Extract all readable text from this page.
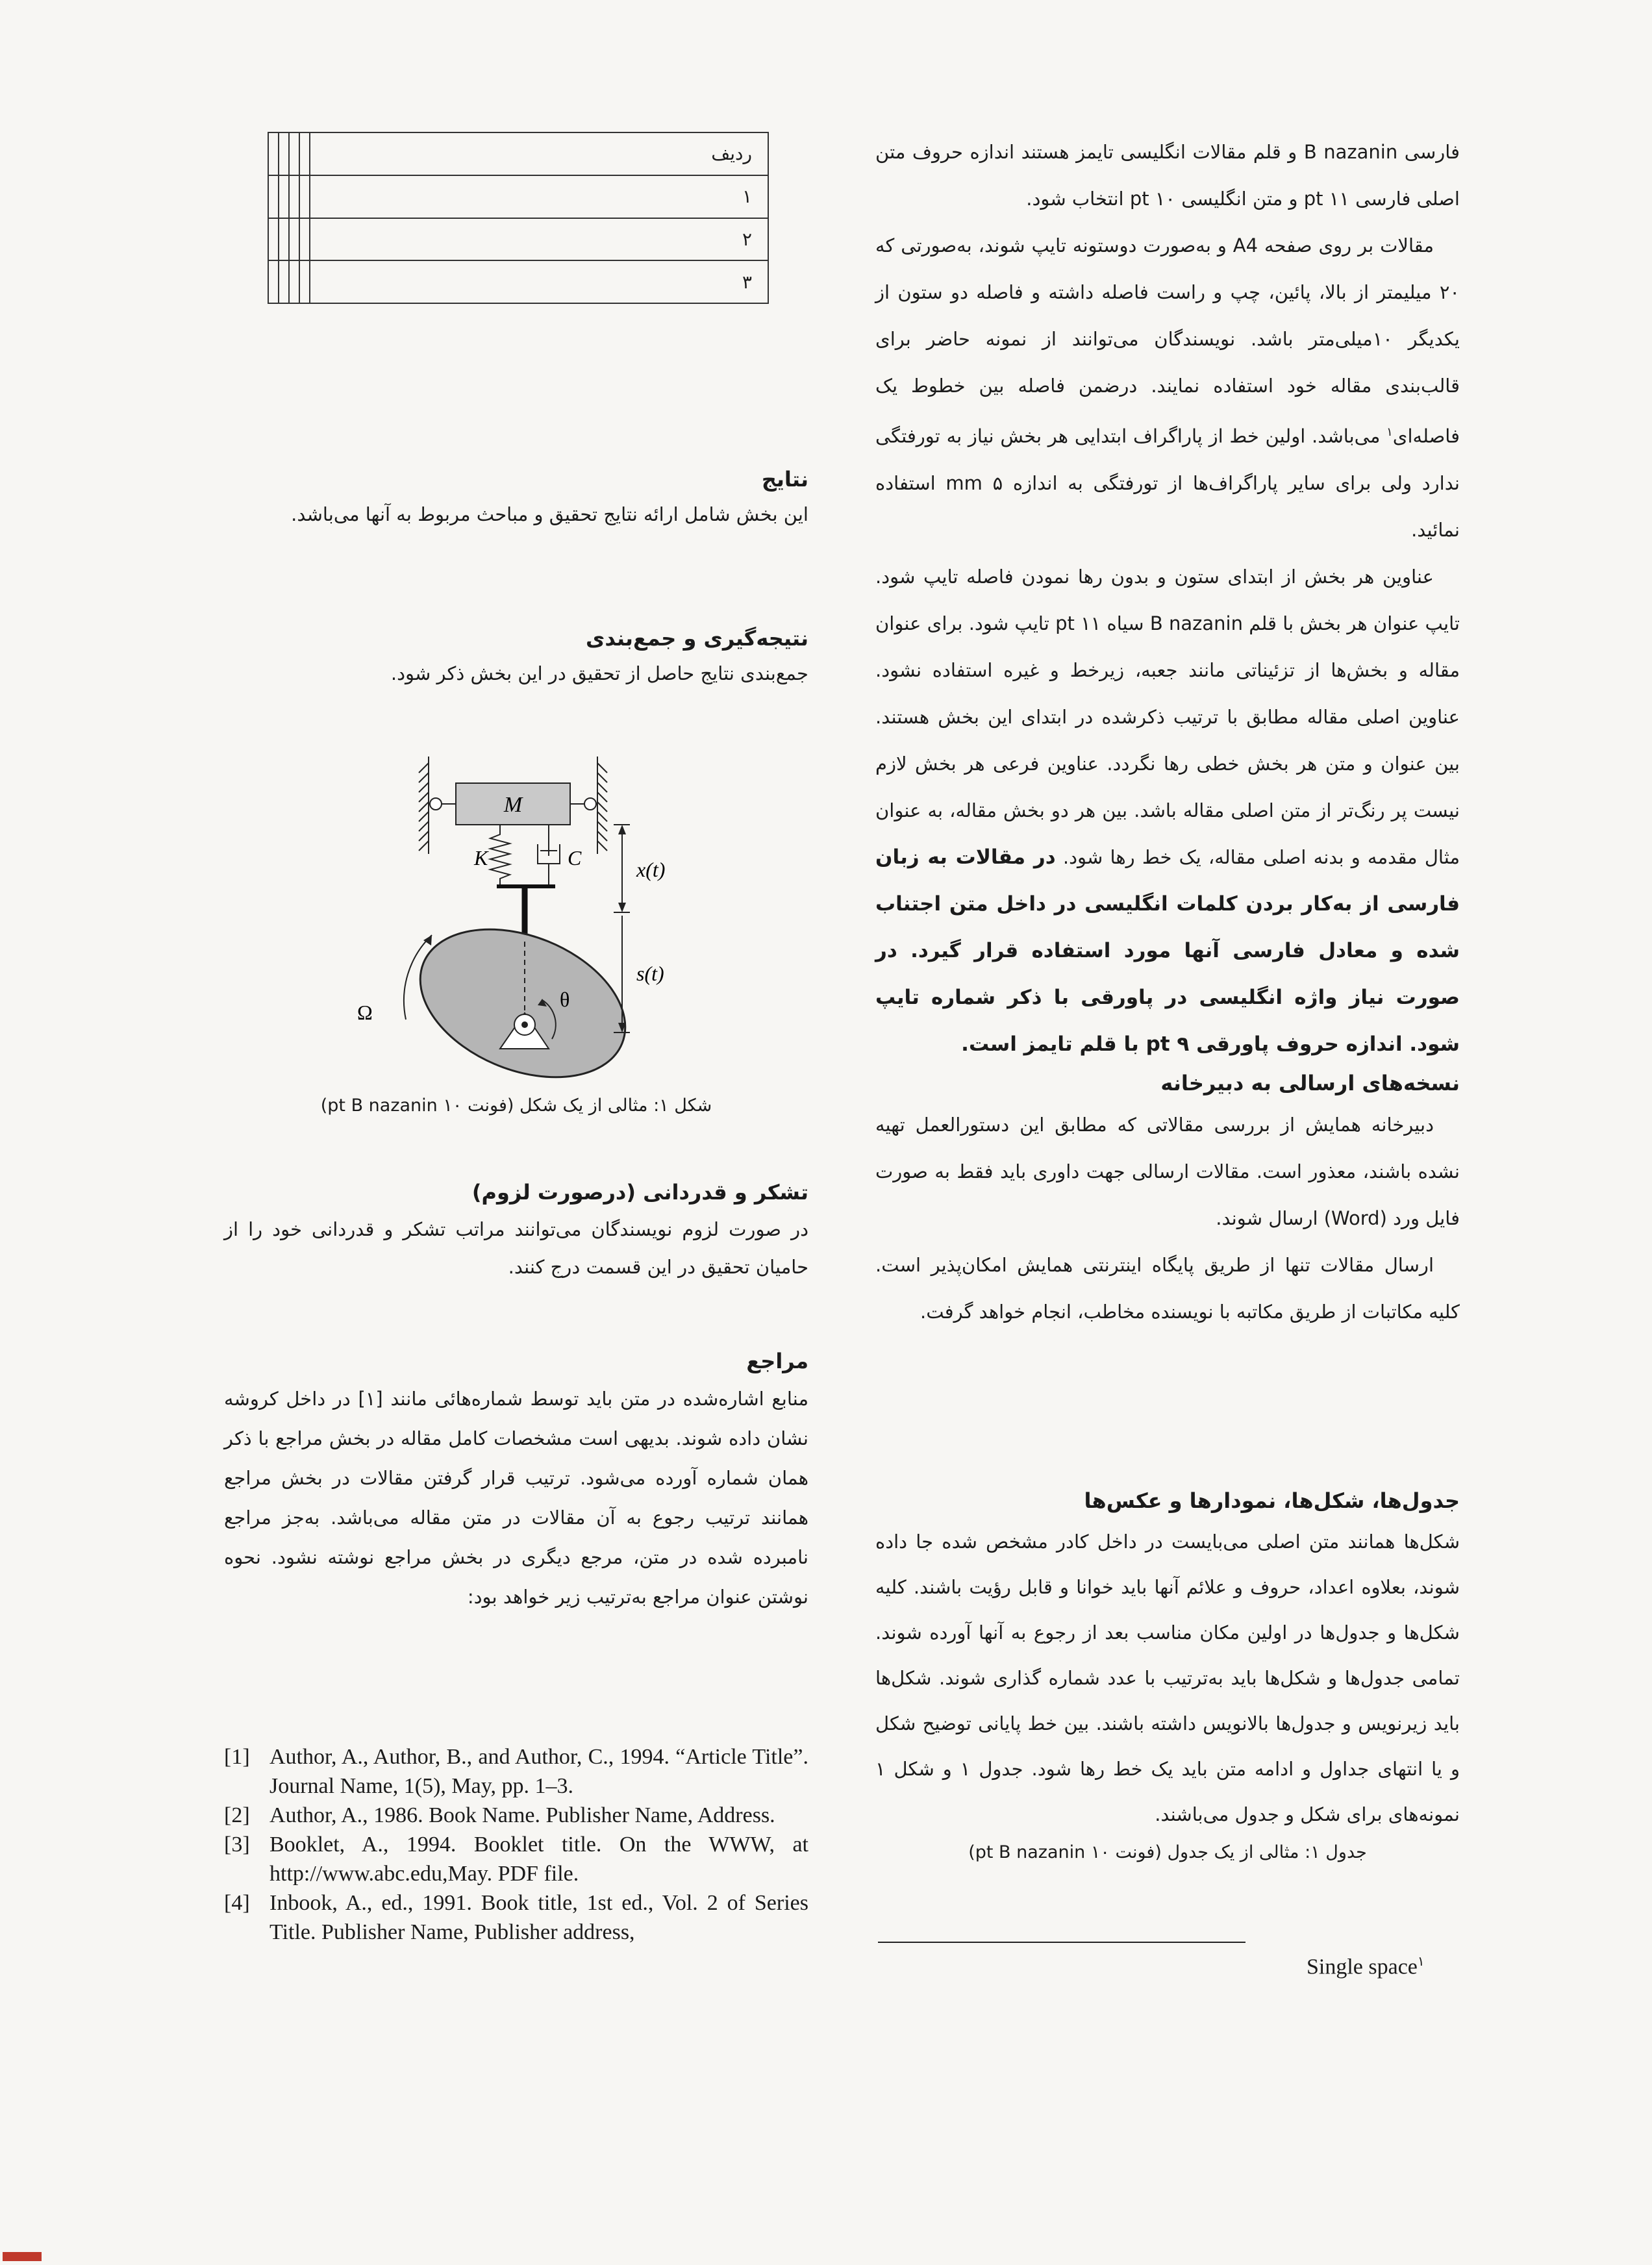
ردیف				
۱				
۲				
۳				

فارسی B nazanin و قلم مقالات انگلیسی تایمز هستند اندازه حروف متن اصلی فارسی ۱۱ pt و متن انگلیسی ۱۰ pt انتخاب شود.

مقالات بر روی صفحه A4 و به‌صورت دوستونه تایپ شوند، به‌صورتی که ۲۰ میلیمتر از بالا، پائین، چپ و راست فاصله داشته و فاصله دو ستون از یکدیگر ۱۰میلی‌متر باشد. نویسندگان می‌توانند از نمونه حاضر برای قالب‌بندی مقاله خود استفاده نمایند. درضمن فاصله بین خطوط یک فاصله‌ای$^۱$ می‌باشد. اولین خط از پاراگراف ابتدایی هر بخش نیاز به تورفتگی ندارد ولی برای سایر پاراگراف‌ها از تورفتگی به اندازه ۵ mm استفاده نمائید.

عناوین هر بخش از ابتدای ستون و بدون رها نمودن فاصله تایپ شود. تایپ عنوان هر بخش با قلم B nazanin سیاه ۱۱ pt تایپ شود. برای عنوان مقاله و بخش‌ها از تزئیناتی مانند جعبه، زیرخط و غیره استفاده نشود. عناوین اصلی مقاله مطابق با ترتیب ذکرشده در ابتدای این بخش هستند. بین عنوان و متن هر بخش خطی رها نگردد. عناوین فرعی هر بخش لازم نیست پر رنگ‌تر از متن اصلی مقاله باشد. بین هر دو بخش مقاله، به عنوان مثال مقدمه و بدنه اصلی مقاله، یک خط رها شود. در مقالات به زبان فارسی از به‌کار بردن کلمات انگلیسی در داخل متن اجتناب شده و معادل فارسی آنها مورد استفاده قرار گیرد. در صورت نیاز واژه انگلیسی در پاورقی با ذکر شماره تایپ شود. اندازه حروف پاورقی ۹ pt با قلم تایمز است.

نسخه‌های ارسالی به دبیرخانه

دبیرخانه همایش از بررسی مقالاتی که مطابق این دستورالعمل تهیه نشده باشند، معذور است. مقالات ارسالی جهت داوری باید فقط به صورت فایل ورد (Word) ارسال شوند.

ارسال مقالات تنها از طریق پایگاه اینترنتی همایش امکان‌پذیر است. کلیه مکاتبات از طریق مکاتبه با نویسنده مخاطب، انجام خواهد گرفت.

جدول‌ها، شکل‌ها، نمودارها و عکس‌ها

شکل‌ها همانند متن اصلی می‌بایست در داخل کادر مشخص شده جا داده شوند، بعلاوه اعداد، حروف و علائم آنها باید خوانا و قابل رؤیت باشند. کلیه شکل‌ها و جدول‌ها در اولین مکان مناسب بعد از رجوع به آنها آورده شوند. تمامی جدول‌ها و شکل‌ها باید به‌ترتیب با عدد شماره گذاری شوند. شکل‌ها باید زیرنویس و جدول‌ها بالانویس داشته باشند. بین خط پایانی توضیح شکل و یا انتهای جداول و ادامه متن باید یک خط رها شود. جدول ۱ و شکل ۱ نمونه‌های برای شکل و جدول می‌باشند.

جدول ۱: مثالی از یک جدول (فونت ۱۰ pt B nazanin)
Single space$^۱$
نتایج

این بخش شامل ارائه نتایج تحقیق و مباحث مربوط به آنها می‌باشد.

نتیجه‌گیری و جمع‌بندی

جمع‌بندی نتایج حاصل از تحقیق در این بخش ذکر شود.

M
K	C
θ
Ω
x(t)
s(t)
شکل ۱: مثالی از یک شکل (فونت ۱۰ pt B nazanin)
تشکر و قدردانی (درصورت لزوم)

در صورت لزوم نویسندگان می‌توانند مراتب تشکر و قدردانی خود را از حامیان تحقیق در این قسمت درج کنند.

مراجع

منابع اشاره‌شده در متن باید توسط شماره‌هائی مانند [۱] در داخل کروشه نشان داده شوند. بدیهی است مشخصات کامل مقاله در بخش مراجع با ذکر همان شماره آورده می‌شود. ترتیب قرار گرفتن مقالات در بخش مراجع همانند ترتیب رجوع به آن مقالات در متن مقاله می‌باشد. به‌جز مراجع نامبرده شده در متن، مرجع دیگری در بخش مراجع نوشته نشود. نحوه نوشتن عنوان مراجع به‌ترتیب زیر خواهد بود:

[1] Author, A., Author, B., and Author, C., 1994. “Article Title”. Journal Name, 1(5), May, pp. 1–3.
[2] Author, A., 1986. Book Name. Publisher Name, Address.
[3] Booklet, A., 1994. Booklet title. On the WWW, at http://www.abc.edu,May. PDF file.
[4] Inbook, A., ed., 1991. Book title, 1st ed., Vol. 2 of Series Title. Publisher Name, Publisher address,
